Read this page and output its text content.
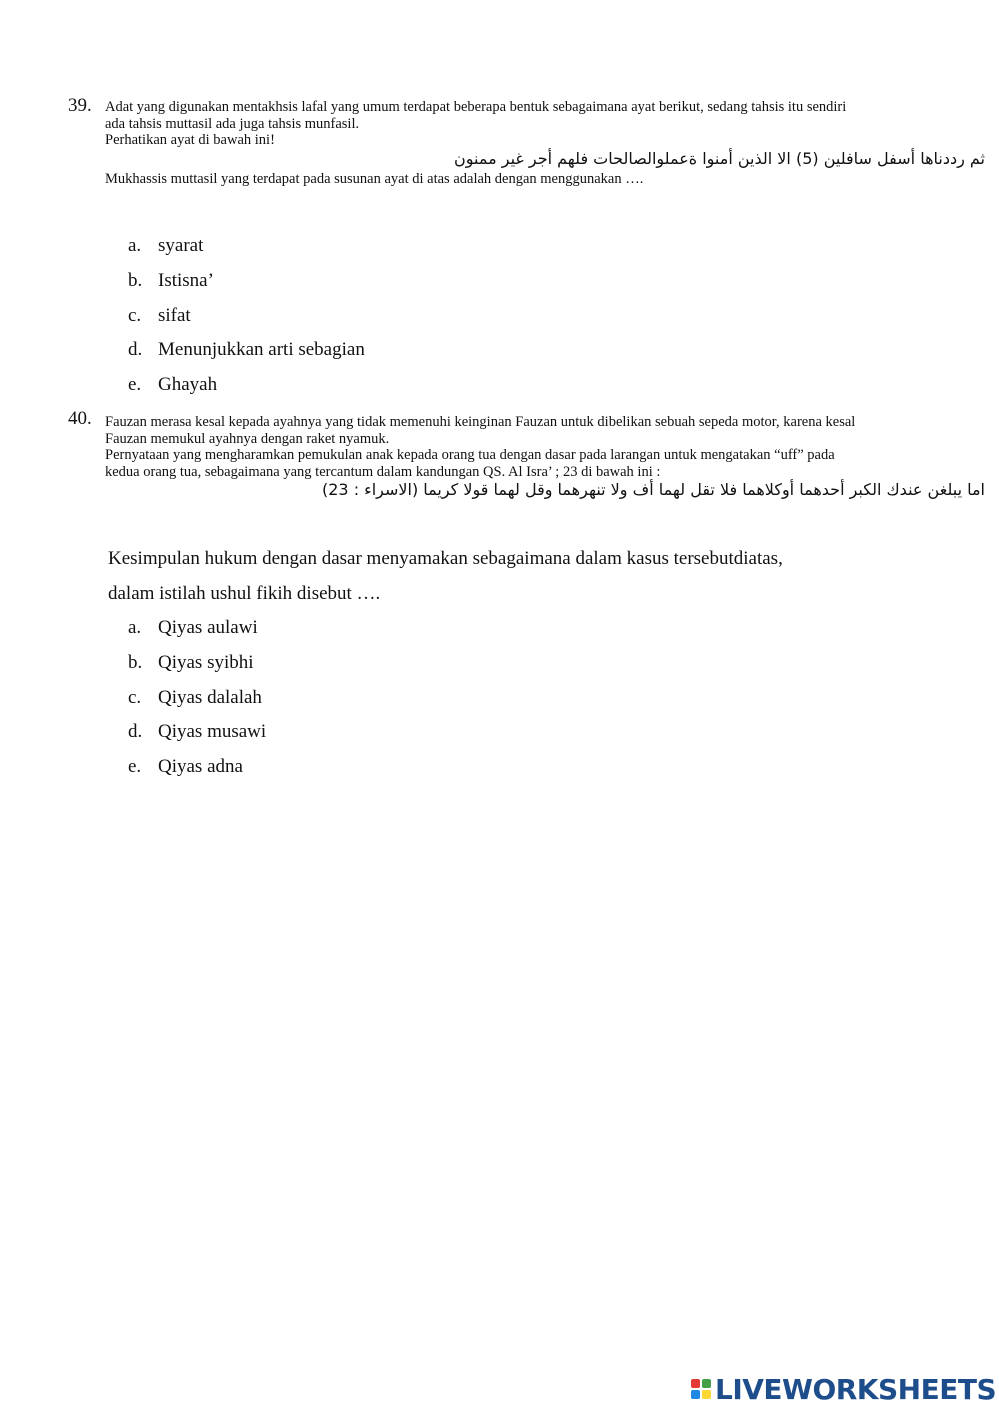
39. Adat yang digunakan mentakhsis lafal yang umum terdapat beberapa bentuk sebagaimana ayat berikut, sedang tahsis itu sendiri

ada tahsis muttasil ada juga tahsis munfasil.

Perhatikan ayat di bawah ini!

ثم رددناها أسفل سافلين (5) الا الذين أمنوا ةعملوالصالحات فلهم أجر غير ممنون

Mukhassis muttasil yang terdapat pada susunan ayat di atas adalah dengan menggunakan ….

a. syarat
b. Istisna’
c. sifat
d. Menunjukkan arti sebagian
e. Ghayah
40. Fauzan merasa kesal kepada ayahnya yang tidak memenuhi keinginan Fauzan untuk dibelikan sebuah sepeda motor, karena kesal

Fauzan memukul ayahnya dengan raket nyamuk.

Pernyataan yang mengharamkan pemukulan anak kepada orang tua dengan dasar pada larangan untuk mengatakan “uff” pada

kedua orang tua, sebagaimana yang tercantum dalam kandungan QS. Al Isra’ ; 23 di bawah ini :

اما يبلغن عندك الكبر أحدهما أوكلاهما فلا تقل لهما أف ولا تنهرهما وقل لهما قولا كريما (الاسراء : 23)

Kesimpulan hukum dengan dasar menyamakan sebagaimana dalam kasus tersebutdiatas,

dalam istilah ushul fikih disebut ….

a. Qiyas aulawi
b. Qiyas syibhi
c. Qiyas dalalah
d. Qiyas musawi
e. Qiyas adna
LIVEWORKSHEETS
